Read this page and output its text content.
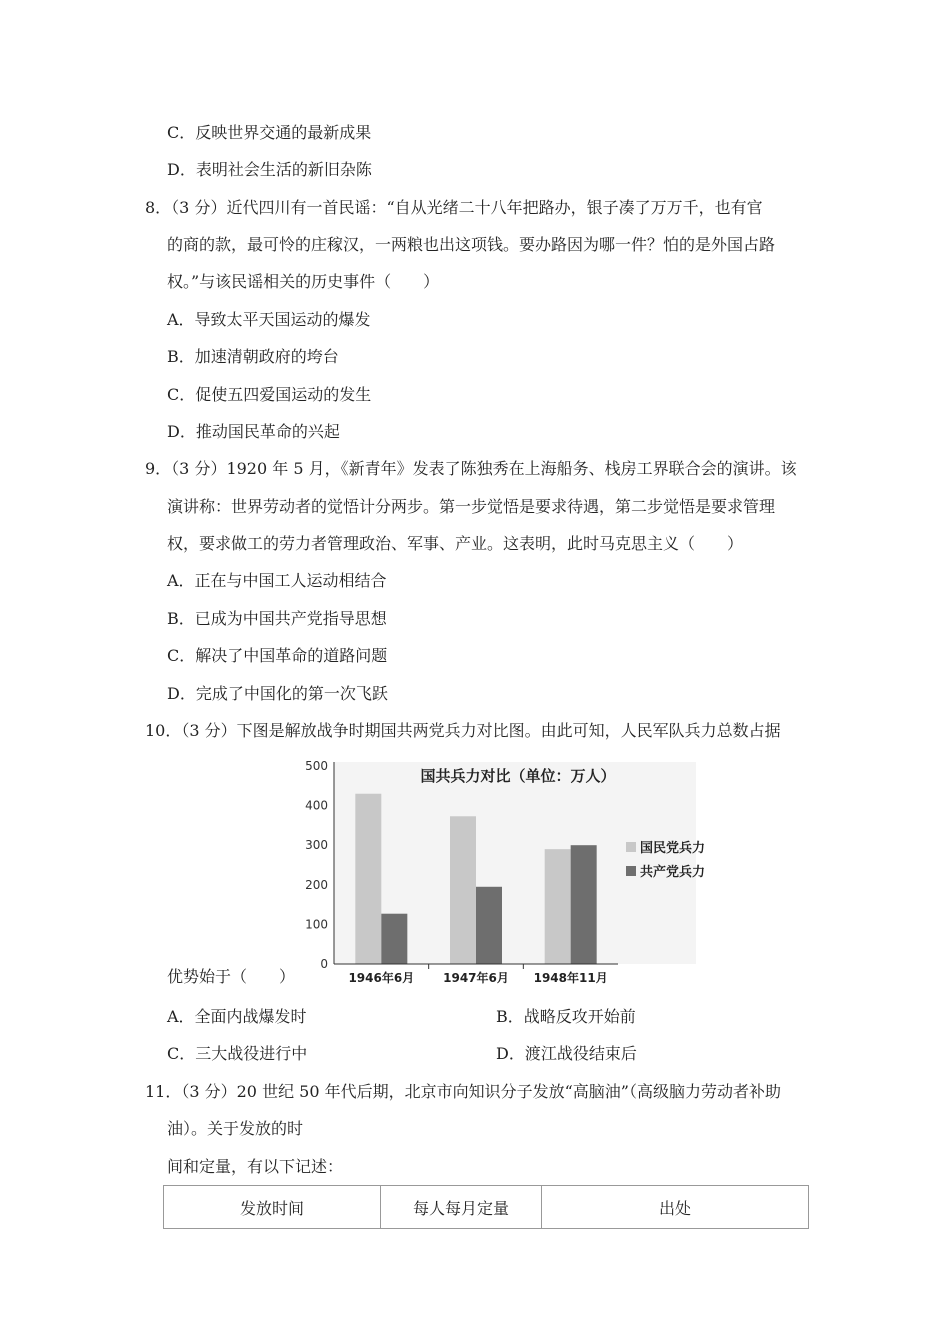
C．反映世界交通的最新成果
D．表明社会生活的新旧杂陈
8．（3 分）近代四川有一首民谣：“自从光绪二十八年把路办，银子凑了万万千，也有官
的商的款，最可怜的庄稼汉，一两粮也出这项钱。要办路因为哪一件？怕的是外国占路
权。”与该民谣相关的历史事件（　　）
A．导致太平天国运动的爆发
B．加速清朝政府的垮台
C．促使五四爱国运动的发生
D．推动国民革命的兴起
9．（3 分）1920 年 5 月，《新青年》发表了陈独秀在上海船务、栈房工界联合会的演讲。该
演讲称：世界劳动者的觉悟计分两步。第一步觉悟是要求待遇，第二步觉悟是要求管理
权，要求做工的劳力者管理政治、军事、产业。这表明，此时马克思主义（　　）
A．正在与中国工人运动相结合
B．已成为中国共产党指导思想
C．解决了中国革命的道路问题
D．完成了中国化的第一次飞跃
10．（3 分）下图是解放战争时期国共两党兵力对比图。由此可知，人民军队兵力总数占据
国共兵力对比（单位：万人）
0
100
200
300
400
500
1946年6月 1947年6月 1948年11月
国民党兵力
共产党兵力
优势始于（　　）
A．全面内战爆发时	B．战略反攻开始前
C．三大战役进行中	D．渡江战役结束后
11．（3 分）20 世纪 50 年代后期，北京市向知识分子发放“高脑油”（高级脑力劳动者补助
油）。关于发放的时
间和定量，有以下记述：
发放时间	每人每月定量	出处
